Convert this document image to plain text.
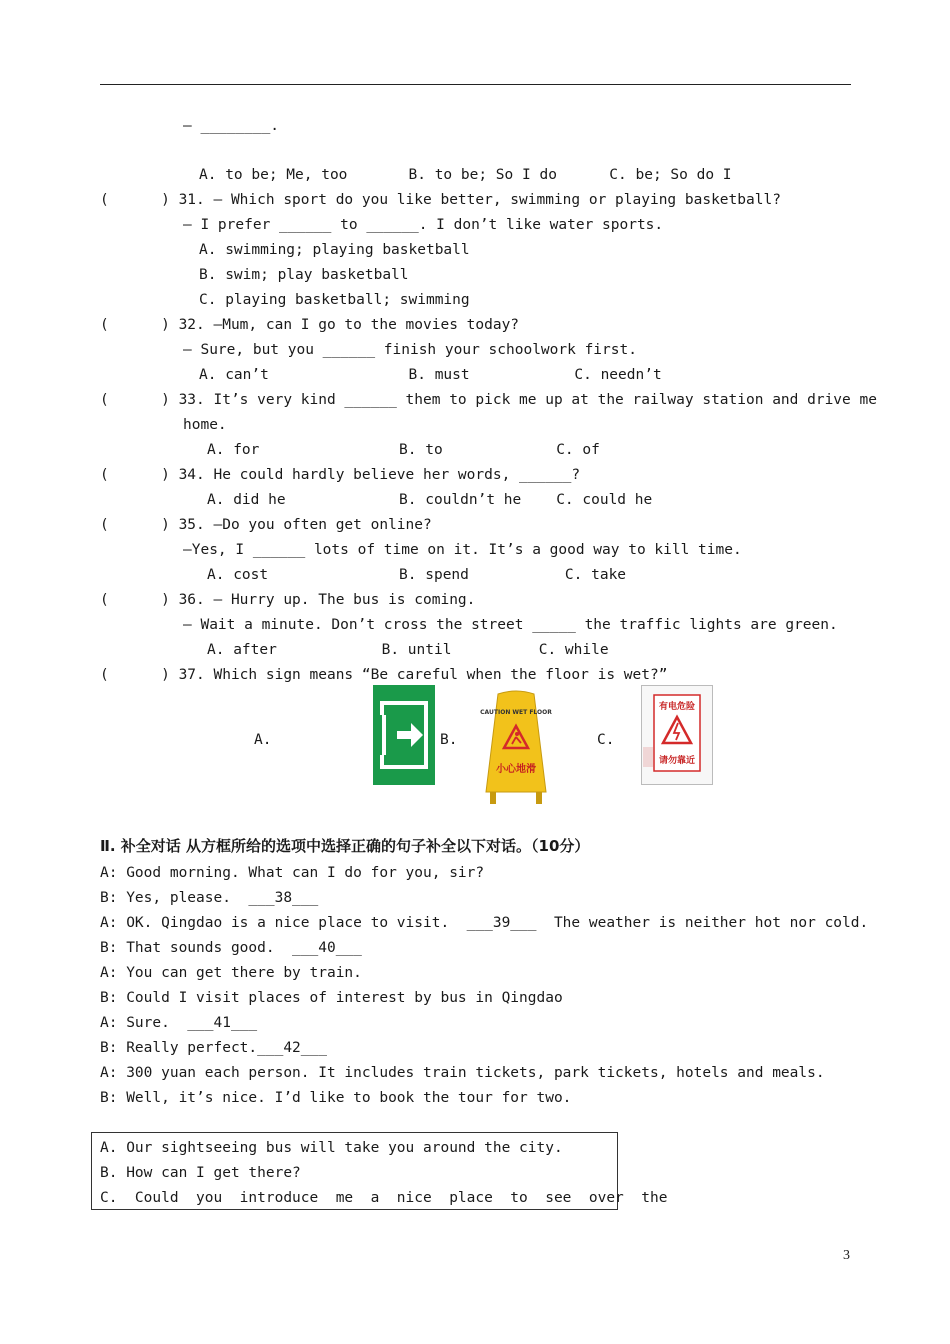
— ________.
A. to be; Me, too       B. to be; So I do      C. be; So do I
(      ) 31. — Which sport do you like better, swimming or playing basketball?
— I prefer ______ to ______. I don’t like water sports.
A. swimming; playing basketball
B. swim; play basketball
C. playing basketball; swimming
(      ) 32. —Mum, can I go to the movies today?
— Sure, but you ______ finish your schoolwork first.
A. can’t                B. must            C. needn’t
(      ) 33. It’s very kind ______ them to pick me up at the railway station and drive me
home.
A. for                B. to             C. of
(      ) 34. He could hardly believe her words, ______?
A. did he             B. couldn’t he    C. could he
(      ) 35. —Do you often get online?
—Yes, I ______ lots of time on it. It’s a good way to kill time.
A. cost               B. spend           C. take
(      ) 36. — Hurry up. The bus is coming.
— Wait a minute. Don’t cross the street _____ the traffic lights are green.
A. after            B. until          C. while
(      ) 37. Which sign means “Be careful when the floor is wet?”
A.	B.
CAUTION WET FLOOR
小心地滑
C.
有电危险
请勿靠近
Ⅱ. 补全对话 从方框所给的选项中选择正确的句子补全以下对话。（10分）
A: Good morning. What can I do for you, sir?
B: Yes, please.  ___38___
A: OK. Qingdao is a nice place to visit.  ___39___  The weather is neither hot nor cold.
B: That sounds good.  ___40___
A: You can get there by train.
B: Could I visit places of interest by bus in Qingdao
A: Sure.  ___41___
B: Really perfect.___42___
A: 300 yuan each person. It includes train tickets, park tickets, hotels and meals.
B: Well, it’s nice. I’d like to book the tour for two.
A. Our sightseeing bus will take you around the city.
B. How can I get there?
C.  Could  you  introduce  me  a  nice  place  to  see  over  the
3
